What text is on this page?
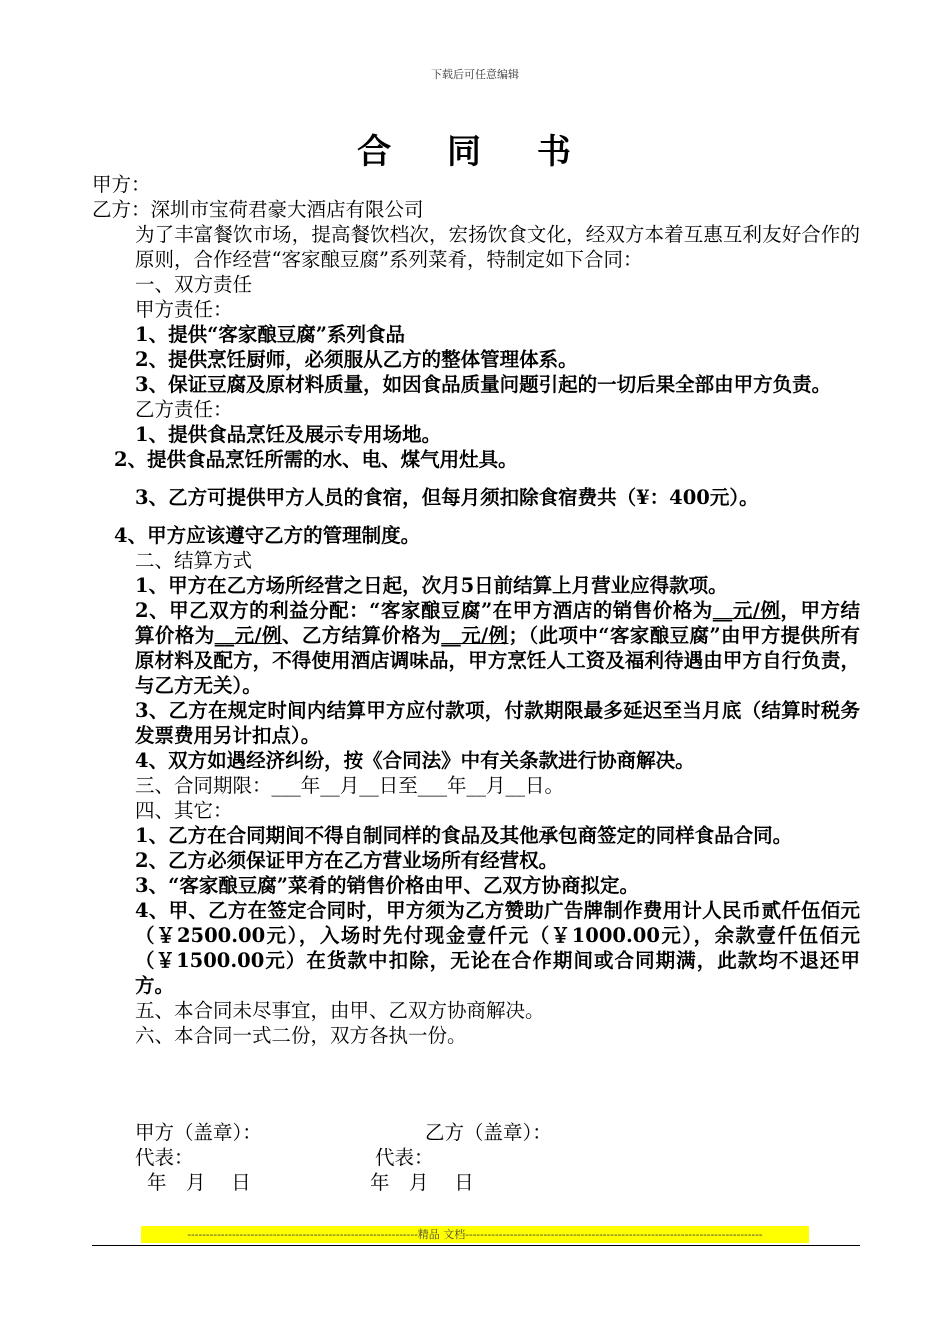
下载后可任意编辑
合 同 书

甲方：

乙方：深圳市宝荷君豪大酒店有限公司

为了丰富餐饮市场，提高餐饮档次，宏扬饮食文化，经双方本着互惠互利友好合作的原则，合作经营“客家酿豆腐”系列菜肴，特制定如下合同：

一、双方责任

甲方责任：

1、提供“客家酿豆腐”系列食品

2、提供烹饪厨师，必须服从乙方的整体管理体系。

3、保证豆腐及原材料质量，如因食品质量问题引起的一切后果全部由甲方负责。

乙方责任：

1、提供食品烹饪及展示专用场地。

2、提供食品烹饪所需的水、电、煤气用灶具。

3、乙方可提供甲方人员的食宿，但每月须扣除食宿费共（¥：400元）。

4、甲方应该遵守乙方的管理制度。

二、结算方式

1、甲方在乙方场所经营之日起，次月5日前结算上月营业应得款项。

2、甲乙双方的利益分配：“客家酿豆腐”在甲方酒店的销售价格为__元/例，甲方结算价格为__元/例、乙方结算价格为__元/例；（此项中“客家酿豆腐”由甲方提供所有原材料及配方，不得使用酒店调味品，甲方烹饪人工资及福利待遇由甲方自行负责，与乙方无关）。

3、乙方在规定时间内结算甲方应付款项，付款期限最多延迟至当月底（结算时税务发票费用另计扣点）。

4、双方如遇经济纠纷，按《合同法》中有关条款进行协商解决。

三、合同期限：___年__月__日至___年__月__日。

四、其它：

1、乙方在合同期间不得自制同样的食品及其他承包商签定的同样食品合同。

2、乙方必须保证甲方在乙方营业场所有经营权。

3、“客家酿豆腐”菜肴的销售价格由甲、乙双方协商拟定。

4、甲、乙方在签定合同时，甲方须为乙方赞助广告牌制作费用计人民币贰仟伍佰元（￥2500.00元），入场时先付现金壹仟元（￥1000.00元），余款壹仟伍佰元（￥1500.00元）在货款中扣除，无论在合作期间或合同期满，此款均不退还甲方。

五、本合同未尽事宜，由甲、乙双方协商解决。

六、本合同一式二份，双方各执一份。

甲方（盖章）：	乙方（盖章）：
代表：	代表：
年　月　 日	年　月　 日
--------------------------------------------------------------精品 文档--------------------------------------------------------------------------------
